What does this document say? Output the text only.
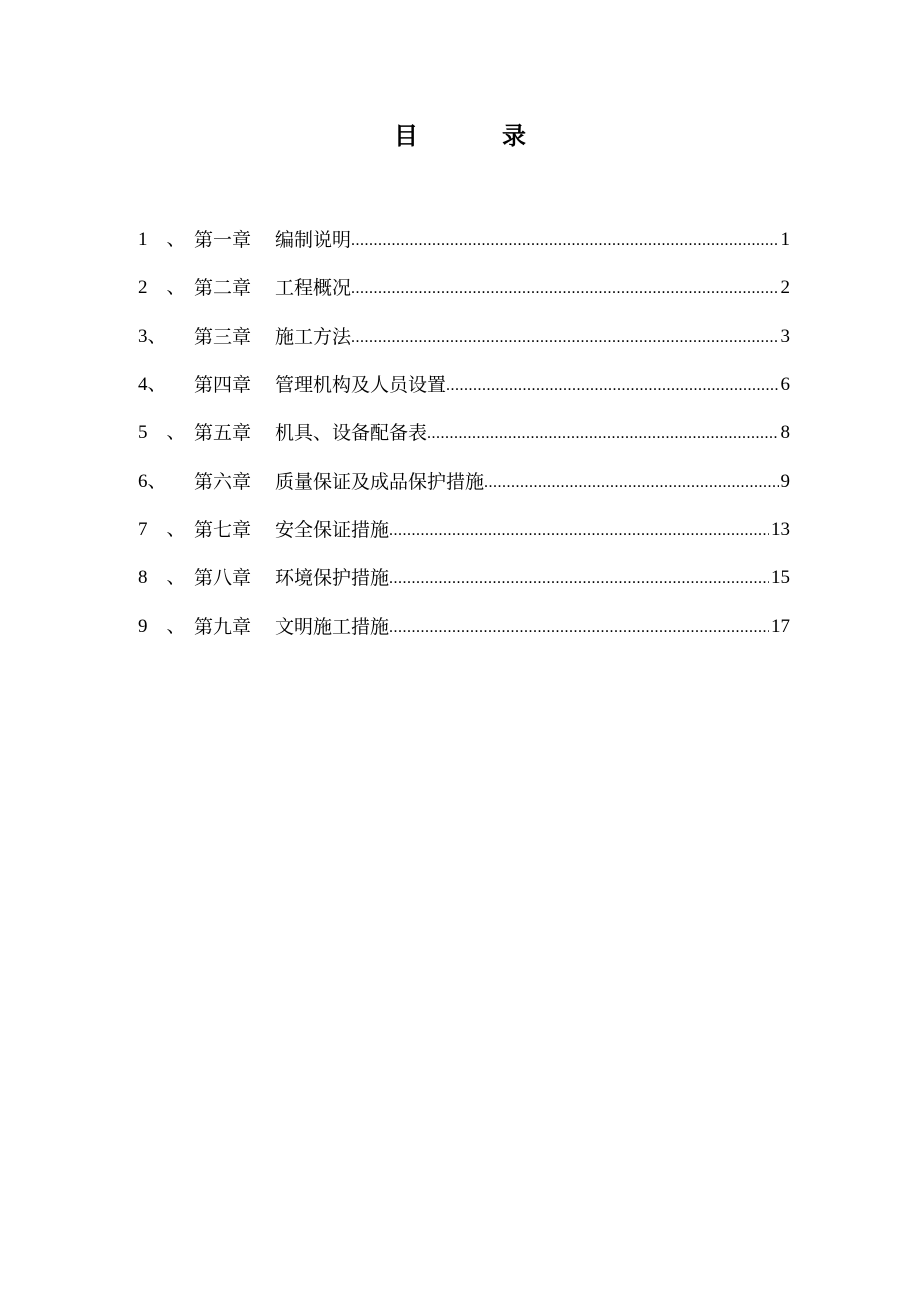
目　录
1　、 第一章 编制说明 .....	1
2　、 第二章 工程概况 .....	2
3、	第三章 施工方法 .....	3
4、	第四章 管理机构及人员设置 .....	6
5　、 第五章 机具、设备配备表 .....	8
6、	第六章 质量保证及成品保护措施 .....	9
7　、 第七章 安全保证措施 .....	13
8　、 第八章 环境保护措施 .....	15
9　、 第九章 文明施工措施 .....	17
